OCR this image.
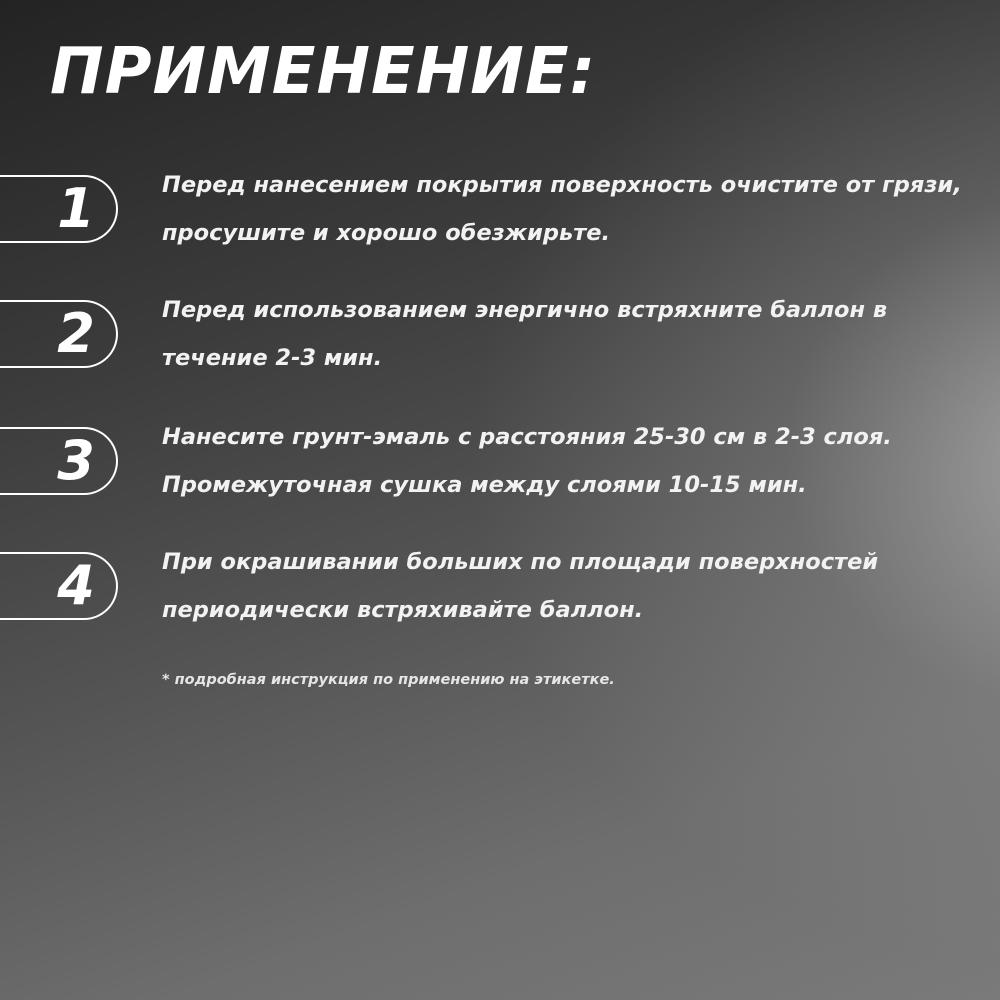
ПРИМЕНЕНИЕ:
1	Перед нанесением покрытия поверхность очистите от грязи, просушите и хорошо обезжирьте.

2	Перед использованием энергично встряхните баллон в течение 2-3 мин.

3	Нанесите грунт-эмаль с расстояния 25-30 см в 2-3 слоя. Промежуточная сушка между слоями 10-15 мин.

4	При окрашивании больших по площади поверхностей периодически встряхивайте баллон.

* подробная инструкция по применению на этикетке.
